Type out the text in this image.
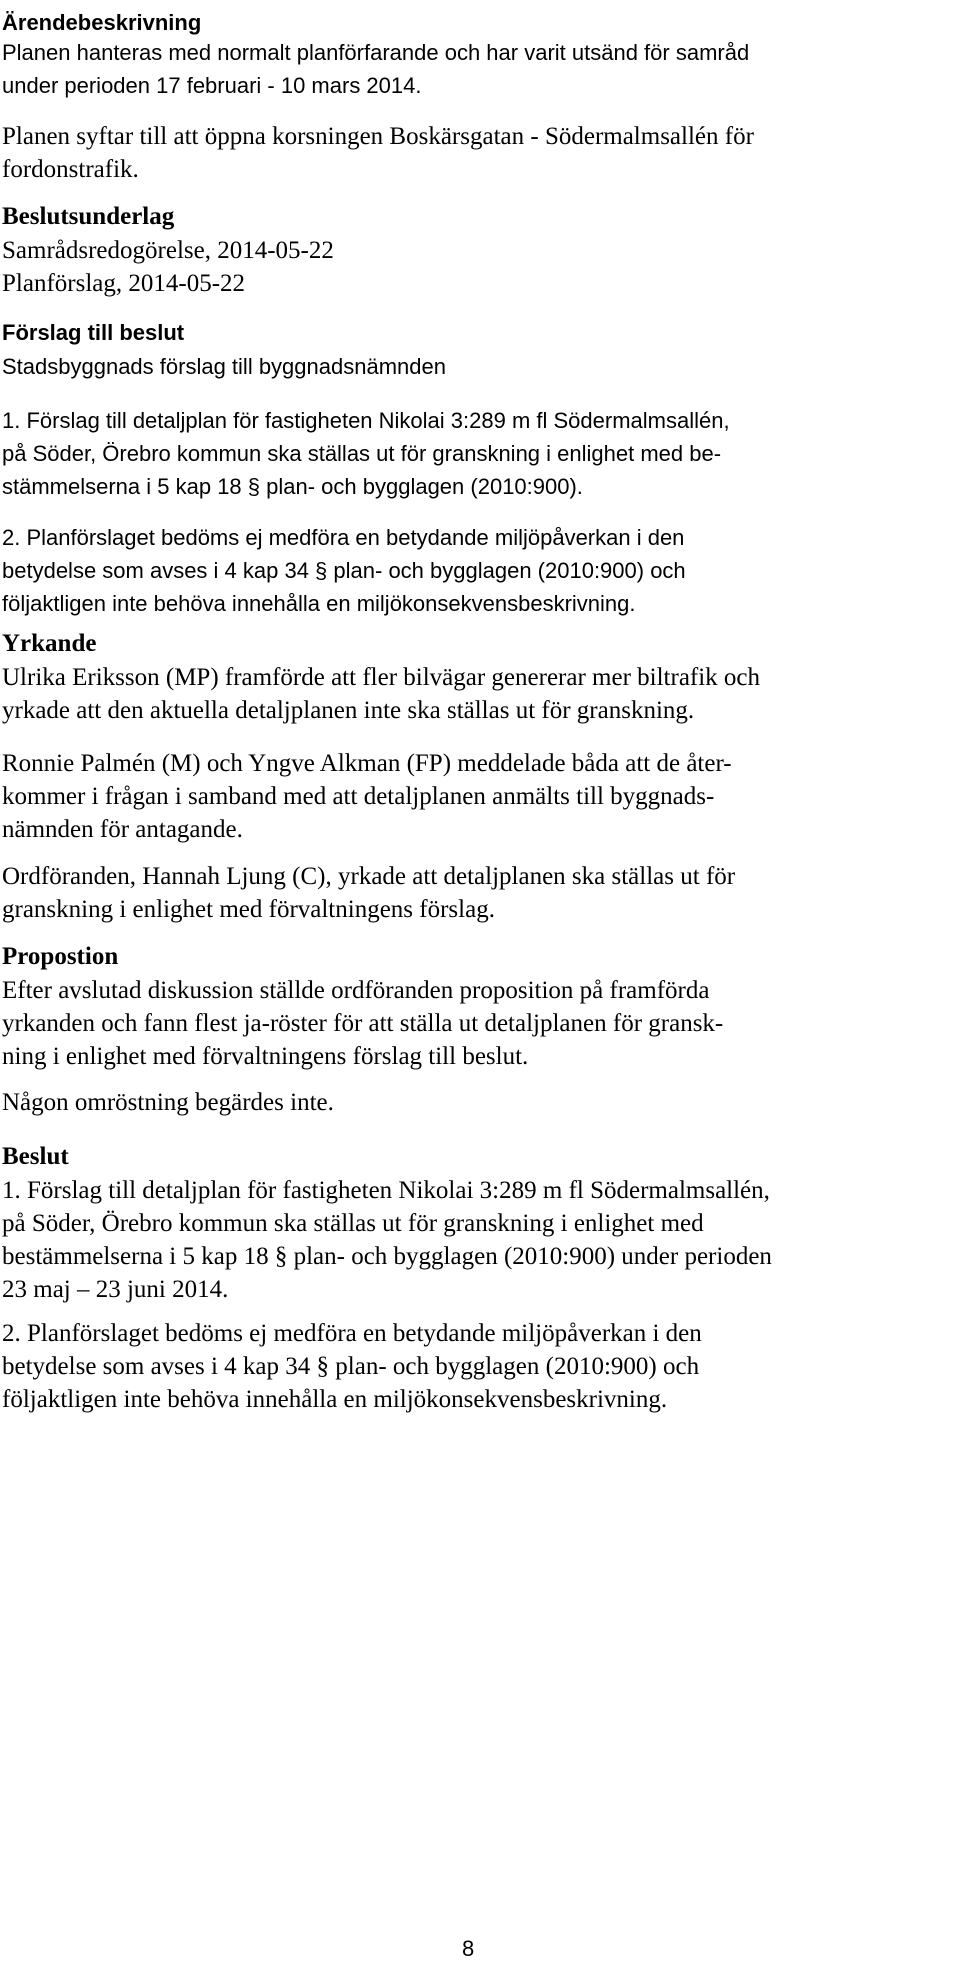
Ärendebeskrivning

Planen hanteras med normalt planförfarande och har varit utsänd för samråd
under perioden 17 februari - 10 mars 2014.

Planen syftar till att öppna korsningen Boskärsgatan - Södermalmsallén för
fordonstrafik.

Beslutsunderlag

Samrådsredogörelse, 2014-05-22
Planförslag, 2014-05-22

Förslag till beslut

Stadsbyggnads förslag till byggnadsnämnden

1. Förslag till detaljplan för fastigheten Nikolai 3:289 m fl Södermalmsallén,
på Söder, Örebro kommun ska ställas ut för granskning i enlighet med be-
stämmelserna i 5 kap 18 § plan- och bygglagen (2010:900).

2. Planförslaget bedöms ej medföra en betydande miljöpåverkan i den
betydelse som avses i 4 kap 34 § plan- och bygglagen (2010:900) och
följaktligen inte behöva innehålla en miljökonsekvensbeskrivning.

Yrkande

Ulrika Eriksson (MP) framförde att fler bilvägar genererar mer biltrafik och
yrkade att den aktuella detaljplanen inte ska ställas ut för granskning.

Ronnie Palmén (M) och Yngve Alkman (FP) meddelade båda att de åter-
kommer i frågan i samband med att detaljplanen anmälts till byggnads-
nämnden för antagande.

Ordföranden, Hannah Ljung (C), yrkade att detaljplanen ska ställas ut för
granskning i enlighet med förvaltningens förslag.

Propostion

Efter avslutad diskussion ställde ordföranden proposition på framförda
yrkanden och fann flest ja-röster för att ställa ut detaljplanen för gransk-
ning i enlighet med förvaltningens förslag till beslut.

Någon omröstning begärdes inte.

Beslut

1. Förslag till detaljplan för fastigheten Nikolai 3:289 m fl Södermalmsallén,
på Söder, Örebro kommun ska ställas ut för granskning i enlighet med
bestämmelserna i 5 kap 18 § plan- och bygglagen (2010:900) under perioden
23 maj – 23 juni 2014.

2. Planförslaget bedöms ej medföra en betydande miljöpåverkan i den
betydelse som avses i 4 kap 34 § plan- och bygglagen (2010:900) och
följaktligen inte behöva innehålla en miljökonsekvensbeskrivning.

8
